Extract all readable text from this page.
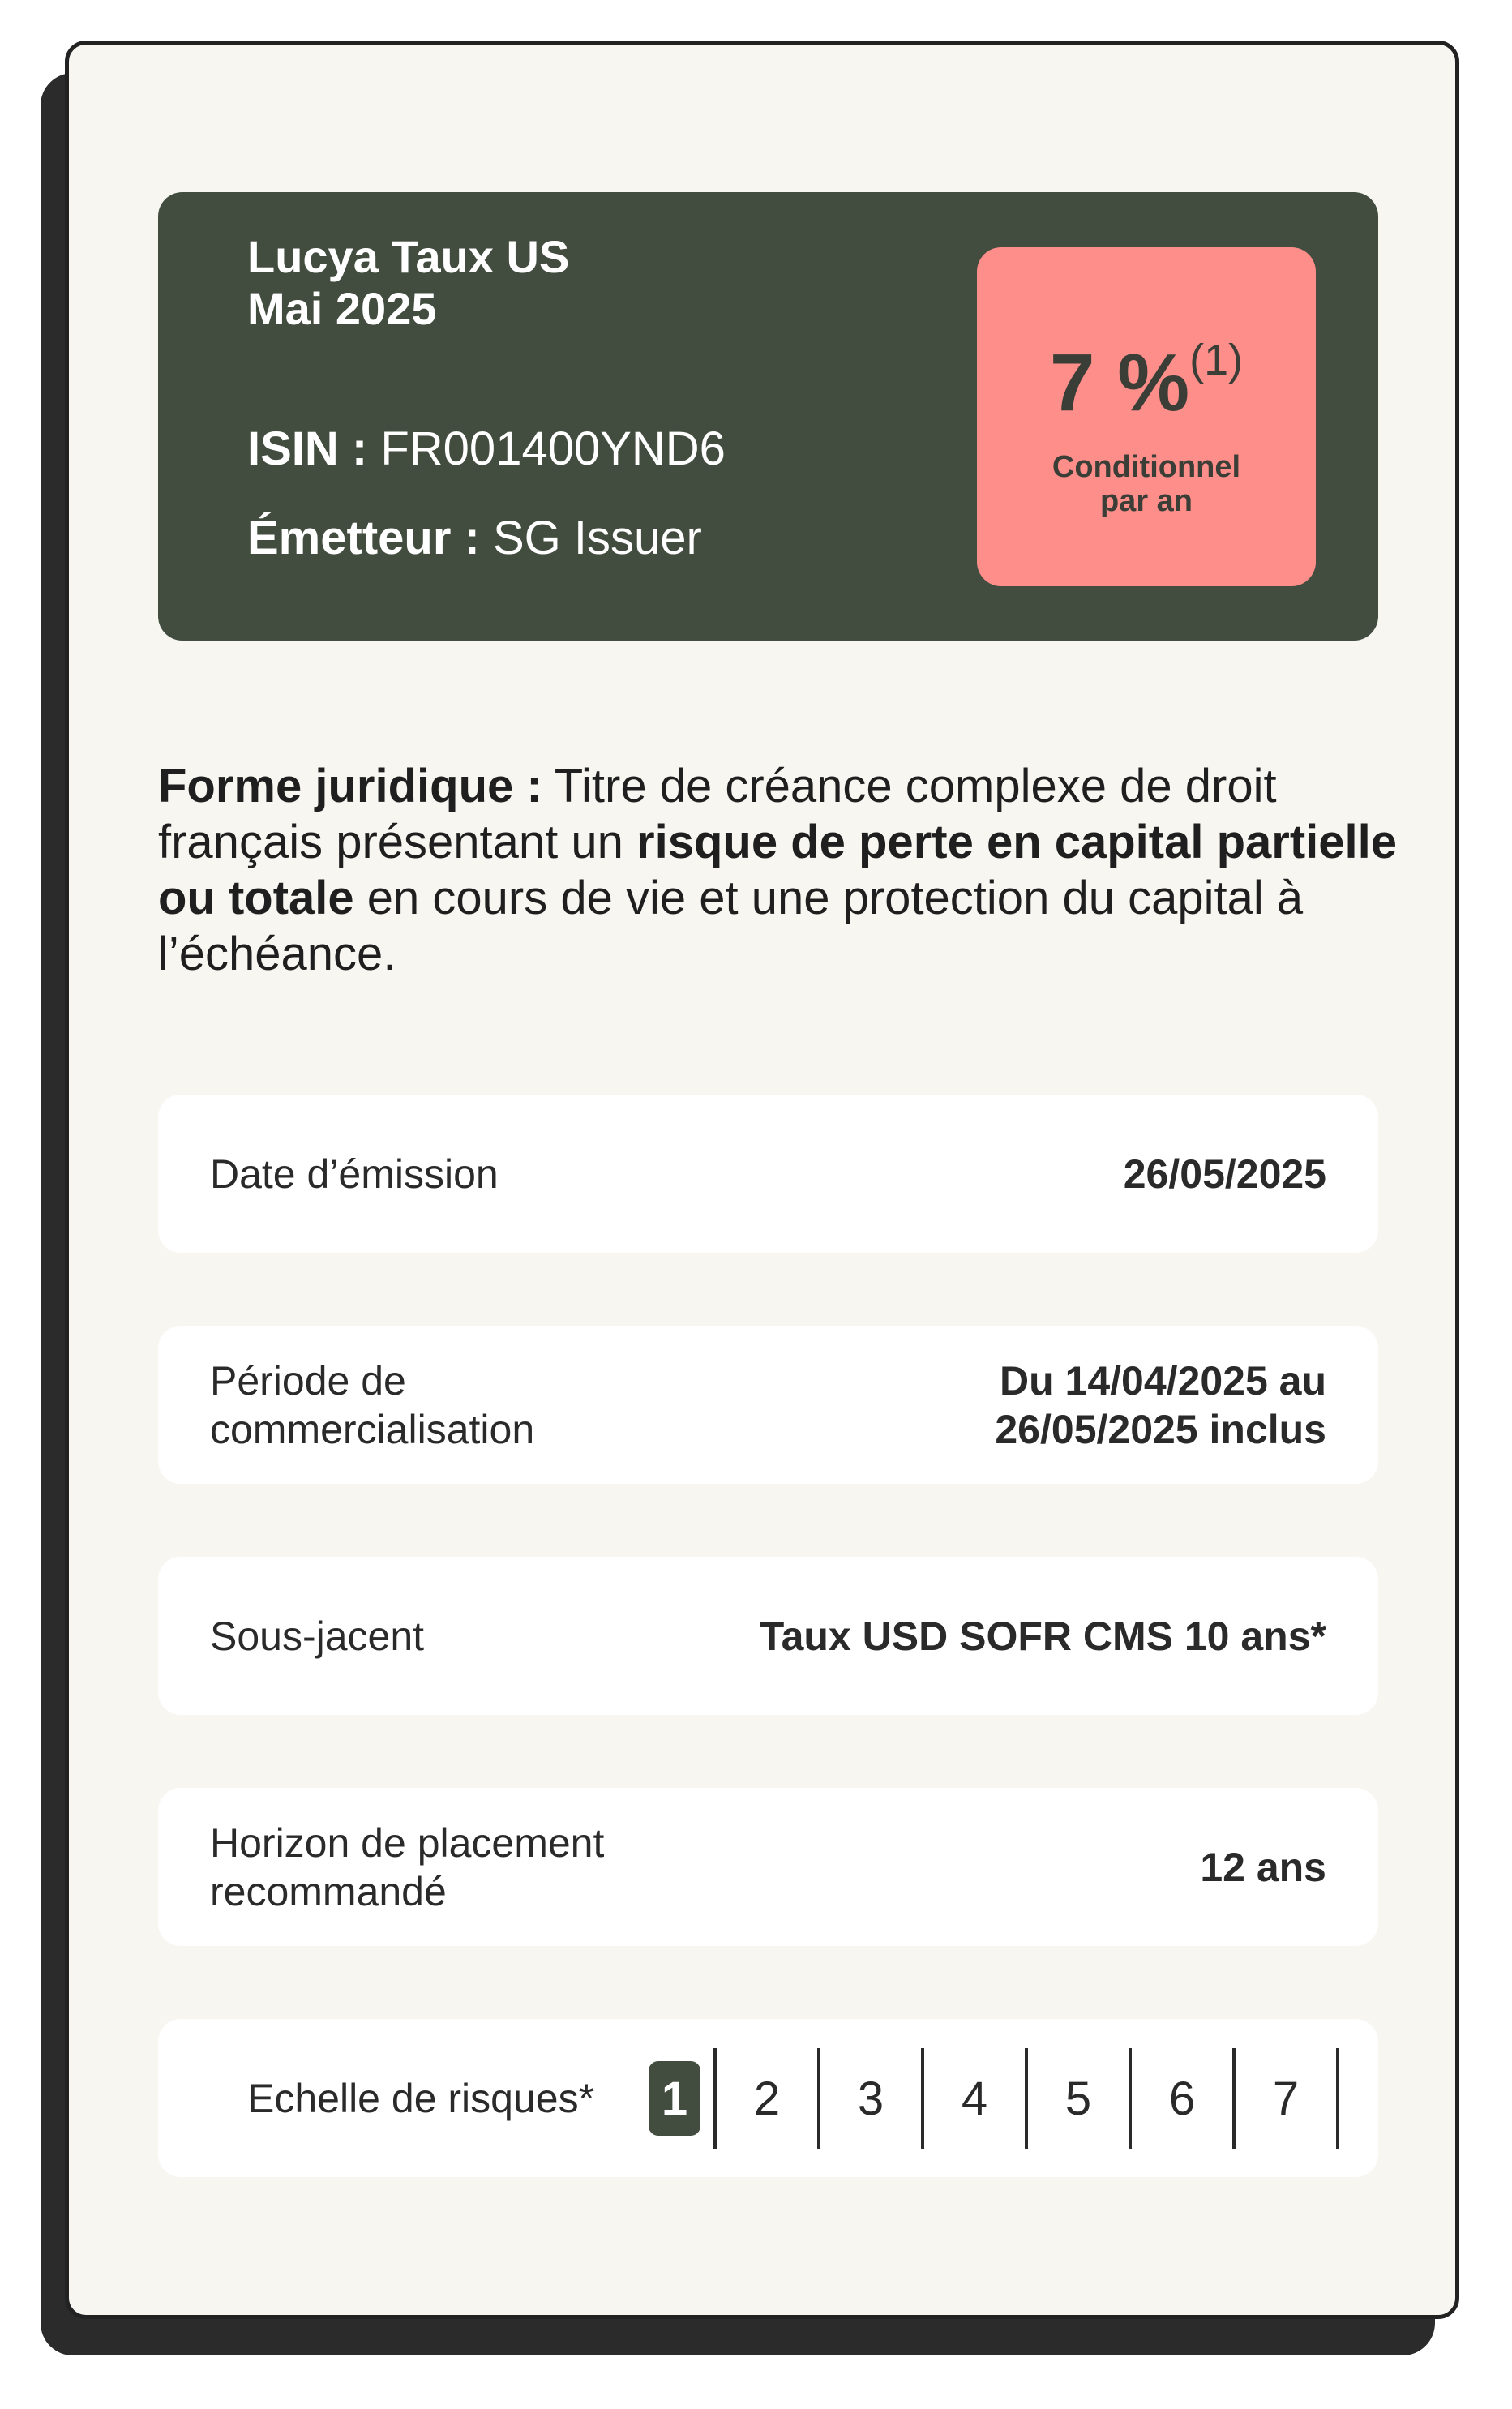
Lucya Taux US
Mai 2025
ISIN : FR001400YND6
Émetteur : SG Issuer
7 %$^{(1)}$
Conditionnel
par an

Forme juridique : Titre de créance complexe de droit français présentant un risque de perte en capital partielle ou totale en cours de vie et une protection du capital à l’échéance.

Date d’émission	26/05/2025
Période de commercialisation
Du 14/04/2025 au 26/05/2025 inclus
Sous-jacent	Taux USD SOFR CMS 10 ans*
Horizon de placement recommandé
12 ans
Echelle de risques* 1 2 3 4 5 6 7
